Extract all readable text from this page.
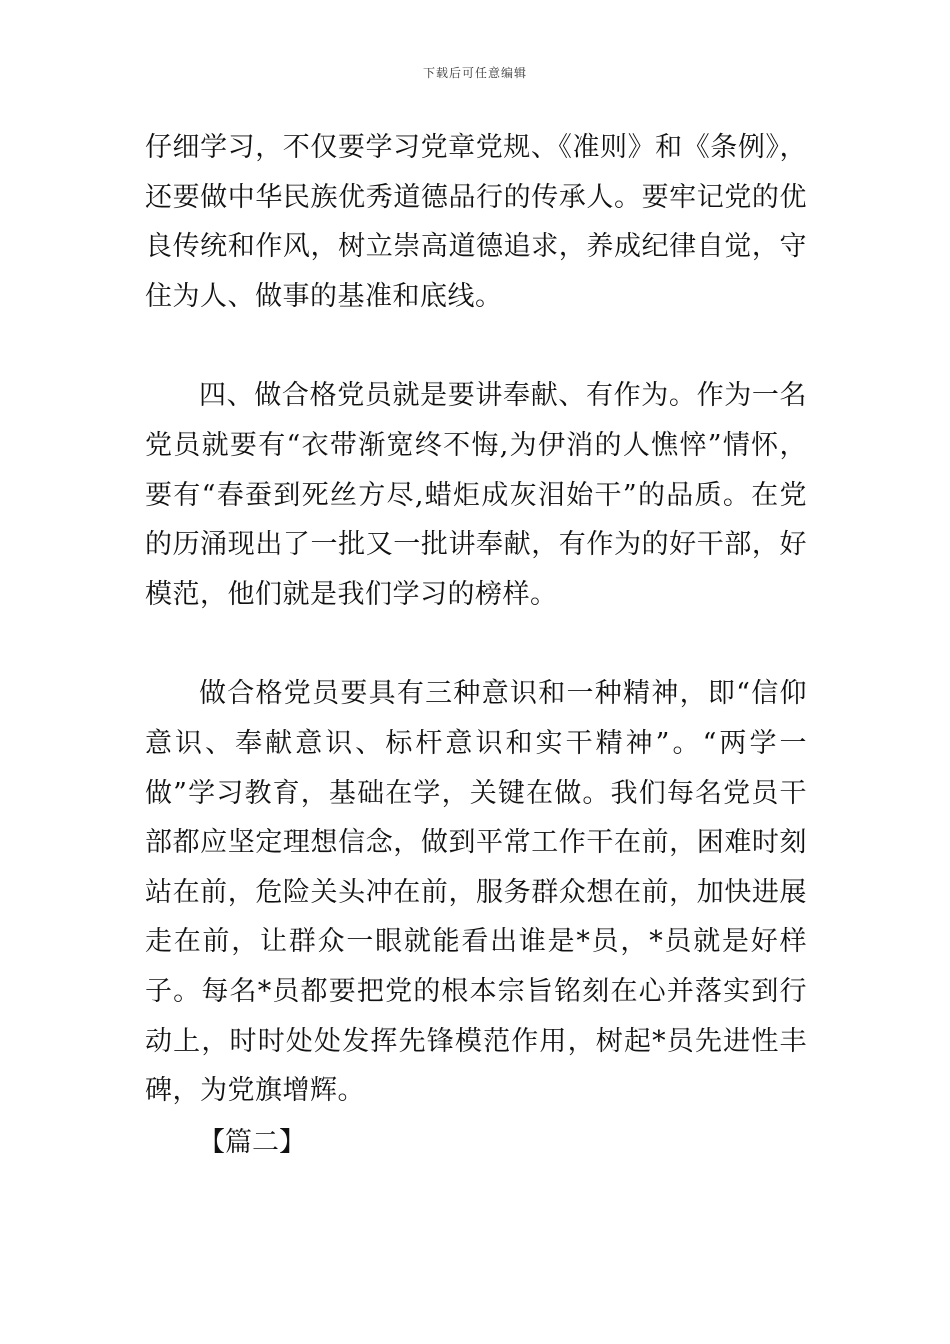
下载后可任意编辑

仔细学习，不仅要学习党章党规、《准则》和《条例》，还要做中华民族优秀道德品行的传承人。要牢记党的优良传统和作风，树立崇高道德追求，养成纪律自觉，守住为人、做事的基准和底线。

四、做合格党员就是要讲奉献、有作为。作为一名党员就要有“衣带渐宽终不悔,为伊消的人憔悴”情怀，要有“春蚕到死丝方尽,蜡炬成灰泪始干”的品质。在党的历涌现出了一批又一批讲奉献，有作为的好干部，好模范，他们就是我们学习的榜样。

做合格党员要具有三种意识和一种精神，即“信仰意识、奉献意识、标杆意识和实干精神”。“两学一做”学习教育，基础在学，关键在做。我们每名党员干部都应坚定理想信念，做到平常工作干在前，困难时刻站在前，危险关头冲在前，服务群众想在前，加快进展走在前，让群众一眼就能看出谁是*员，*员就是好样子。每名*员都要把党的根本宗旨铭刻在心并落实到行动上，时时处处发挥先锋模范作用，树起*员先进性丰碑，为党旗增辉。

【篇二】
